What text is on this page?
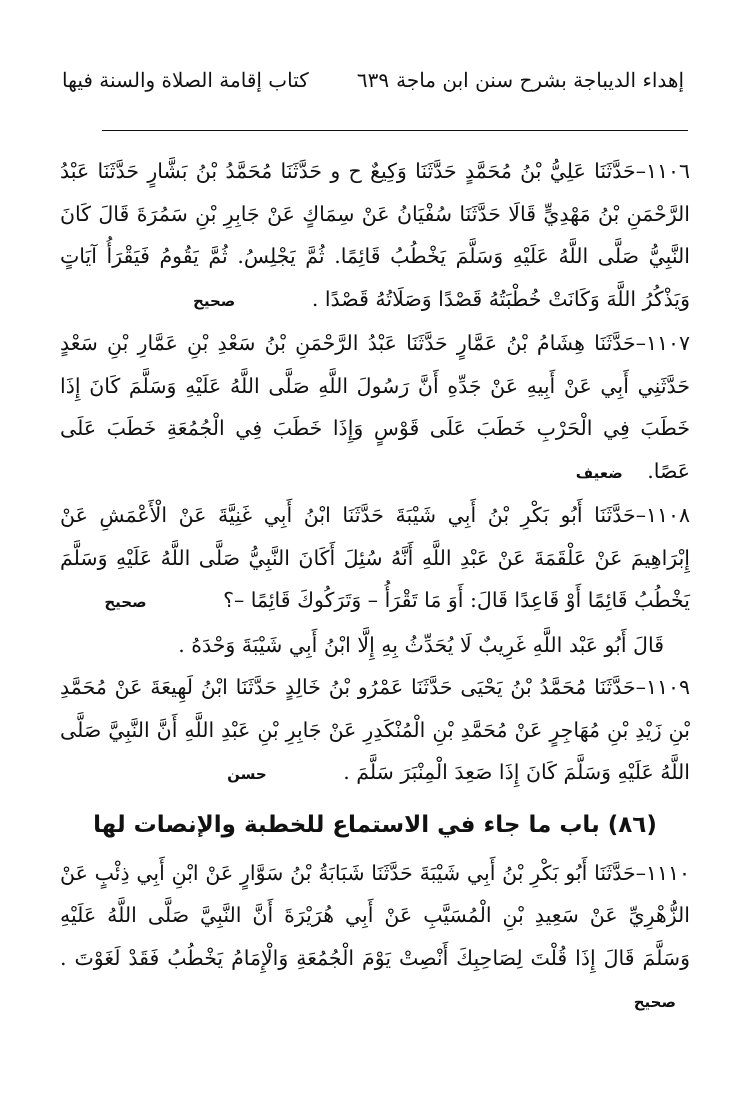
إهداء الديباجة بشرح سنن ابن ماجة
٦٣٩
كتاب إقامة الصلاة والسنة فيها

١١٠٦–حَدَّثَنَا عَلِيُّ بْنُ مُحَمَّدٍ حَدَّثَنَا وَكِيعٌ ح و حَدَّثَنَا مُحَمَّدُ بْنُ بَشَّارٍ حَدَّثَنَا عَبْدُ الرَّحْمَنِ بْنُ مَهْدِيٍّ قَالَا حَدَّثَنَا سُفْيَانُ عَنْ سِمَاكٍ عَنْ جَابِرِ بْنِ سَمُرَةَ قَالَ كَانَ النَّبِيُّ صَلَّى اللَّهُ عَلَيْهِ وَسَلَّمَ يَخْطُبُ قَائِمًا. ثُمَّ يَجْلِسُ. ثُمَّ يَقُومُ فَيَقْرَأُ آيَاتٍ وَيَذْكُرُ اللَّهَ وَكَانَتْ خُطْبَتُهُ قَصْدًا وَصَلَاتُهُ قَصْدًا . صحيح

١١٠٧–حَدَّثَنَا هِشَامُ بْنُ عَمَّارٍ حَدَّثَنَا عَبْدُ الرَّحْمَنِ بْنُ سَعْدِ بْنِ عَمَّارِ بْنِ سَعْدٍ حَدَّثَنِي أَبِي عَنْ أَبِيهِ عَنْ جَدِّهِ أَنَّ رَسُولَ اللَّهِ صَلَّى اللَّهُ عَلَيْهِ وَسَلَّمَ كَانَ إِذَا خَطَبَ فِي الْحَرْبِ خَطَبَ عَلَى قَوْسٍ وَإِذَا خَطَبَ فِي الْجُمُعَةِ خَطَبَ عَلَى عَصًا. ضعيف

١١٠٨–حَدَّثَنَا أَبُو بَكْرِ بْنُ أَبِي شَيْبَةَ حَدَّثَنَا ابْنُ أَبِي غَنِيَّةَ عَنْ الْأَعْمَشِ عَنْ إِبْرَاهِيمَ عَنْ عَلْقَمَةَ عَنْ عَبْدِ اللَّهِ أَنَّهُ سُئِلَ أَكَانَ النَّبِيُّ صَلَّى اللَّهُ عَلَيْهِ وَسَلَّمَ يَخْطُبُ قَائِمًا أَوْ قَاعِدًا قَالَ: أَوَ مَا تَقْرَأُ – وَتَرَكُوكَ قَائِمًا –؟ صحيح

قَالَ أَبُو عَبْد اللَّهِ غَرِيبٌ لَا يُحَدِّثُ بِهِ إِلَّا ابْنُ أَبِي شَيْبَةَ وَحْدَهُ .

١١٠٩–حَدَّثَنَا مُحَمَّدُ بْنُ يَحْيَى حَدَّثَنَا عَمْرُو بْنُ خَالِدٍ حَدَّثَنَا ابْنُ لَهِيعَةَ عَنْ مُحَمَّدِ بْنِ زَيْدِ بْنِ مُهَاجِرٍ عَنْ مُحَمَّدِ بْنِ الْمُنْكَدِرِ عَنْ جَابِرِ بْنِ عَبْدِ اللَّهِ أَنَّ النَّبِيَّ صَلَّى اللَّهُ عَلَيْهِ وَسَلَّمَ كَانَ إِذَا صَعِدَ الْمِنْبَرَ سَلَّمَ . حسن

(٨٦) باب ما جاء في الاستماع للخطبة والإنصات لها

١١١٠–حَدَّثَنَا أَبُو بَكْرِ بْنُ أَبِي شَيْبَةَ حَدَّثَنَا شَبَابَةُ بْنُ سَوَّارٍ عَنْ ابْنِ أَبِي ذِئْبٍ عَنْ الزُّهْرِيِّ عَنْ سَعِيدِ بْنِ الْمُسَيَّبِ عَنْ أَبِي هُرَيْرَةَ أَنَّ النَّبِيَّ صَلَّى اللَّهُ عَلَيْهِ وَسَلَّمَ قَالَ إِذَا قُلْتَ لِصَاحِبِكَ أَنْصِتْ يَوْمَ الْجُمُعَةِ وَالْإِمَامُ يَخْطُبُ فَقَدْ لَغَوْتَ . صحيح
